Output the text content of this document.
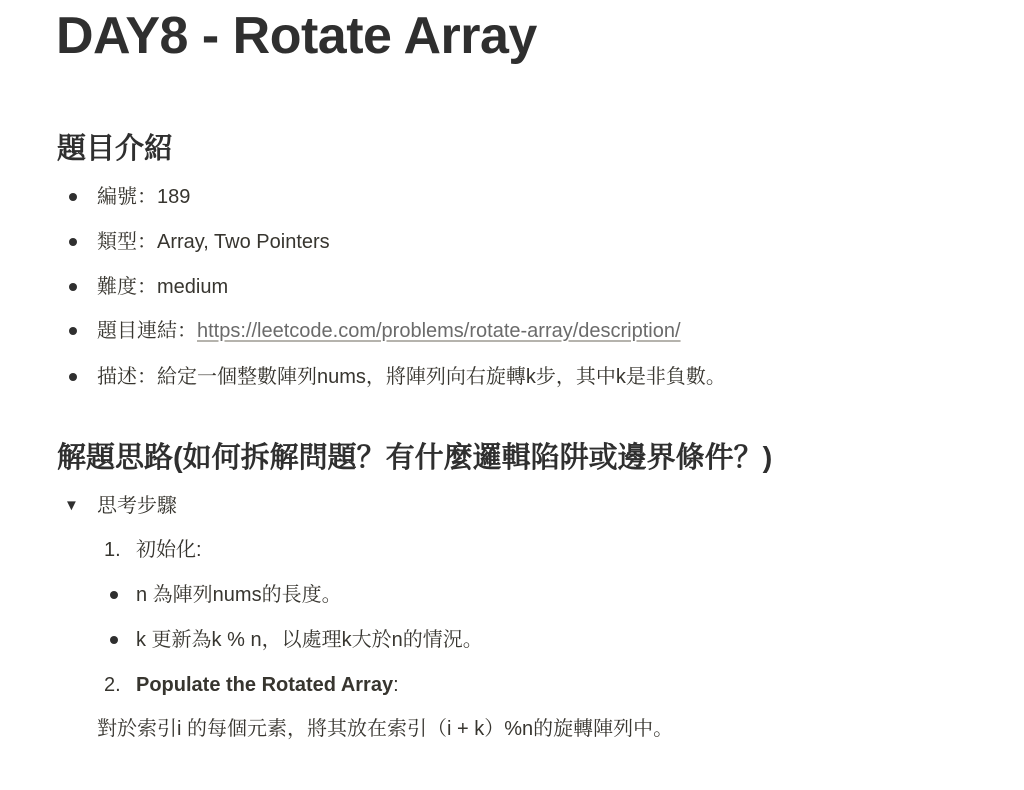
DAY8 - Rotate Array
題目介紹
編號：189
類型：Array, Two Pointers
難度：medium
題目連結：https://leetcode.com/problems/rotate-array/description/
描述：給定一個整數陣列nums，將陣列向右旋轉k步，其中k是非負數。
解題思路(如何拆解問題？有什麼邏輯陷阱或邊界條件？)
▼ 思考步驟
1. 初始化:
n 為陣列nums的長度。
k 更新為k % n，以處理k大於n的情況。
2. Populate the Rotated Array:
對於索引i 的每個元素，將其放在索引（i + k）%n的旋轉陣列中。
